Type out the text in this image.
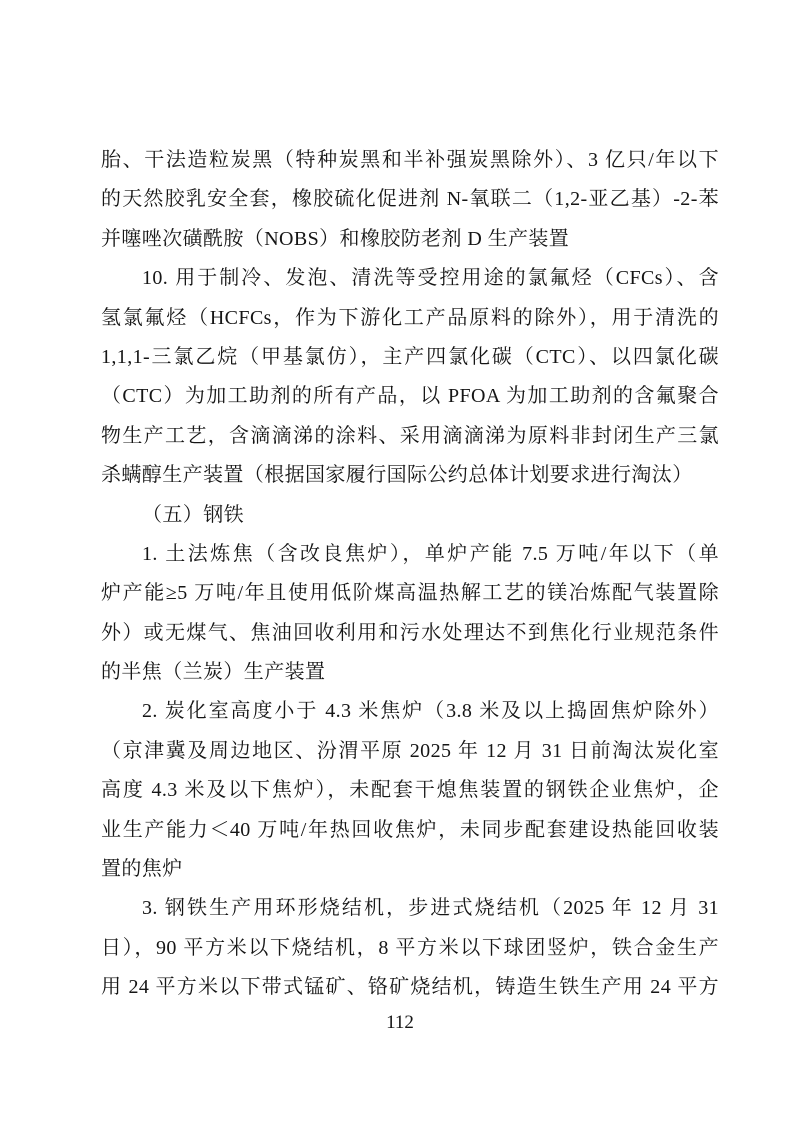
胎、干法造粒炭黑（特种炭黑和半补强炭黑除外）、3 亿只/年以下
的天然胶乳安全套，橡胶硫化促进剂 N-氧联二（1,2-亚乙基）-2-苯
并噻唑次磺酰胺（NOBS）和橡胶防老剂 D 生产装置
10. 用于制冷、发泡、清洗等受控用途的氯氟烃（CFCs）、含
氢氯氟烃（HCFCs，作为下游化工产品原料的除外），用于清洗的
1,1,1-三氯乙烷（甲基氯仿），主产四氯化碳（CTC）、以四氯化碳
（CTC）为加工助剂的所有产品，以 PFOA 为加工助剂的含氟聚合
物生产工艺，含滴滴涕的涂料、采用滴滴涕为原料非封闭生产三氯
杀螨醇生产装置（根据国家履行国际公约总体计划要求进行淘汰）
（五）钢铁
1. 土法炼焦（含改良焦炉），单炉产能 7.5 万吨/年以下（单
炉产能≥5 万吨/年且使用低阶煤高温热解工艺的镁冶炼配气装置除
外）或无煤气、焦油回收利用和污水处理达不到焦化行业规范条件
的半焦（兰炭）生产装置
2. 炭化室高度小于 4.3 米焦炉（3.8 米及以上捣固焦炉除外）
（京津冀及周边地区、汾渭平原 2025 年 12 月 31 日前淘汰炭化室
高度 4.3 米及以下焦炉），未配套干熄焦装置的钢铁企业焦炉，企
业生产能力＜40 万吨/年热回收焦炉，未同步配套建设热能回收装
置的焦炉
3. 钢铁生产用环形烧结机，步进式烧结机（2025 年 12 月 31
日），90 平方米以下烧结机，8 平方米以下球团竖炉，铁合金生产
用 24 平方米以下带式锰矿、铬矿烧结机，铸造生铁生产用 24 平方
112
